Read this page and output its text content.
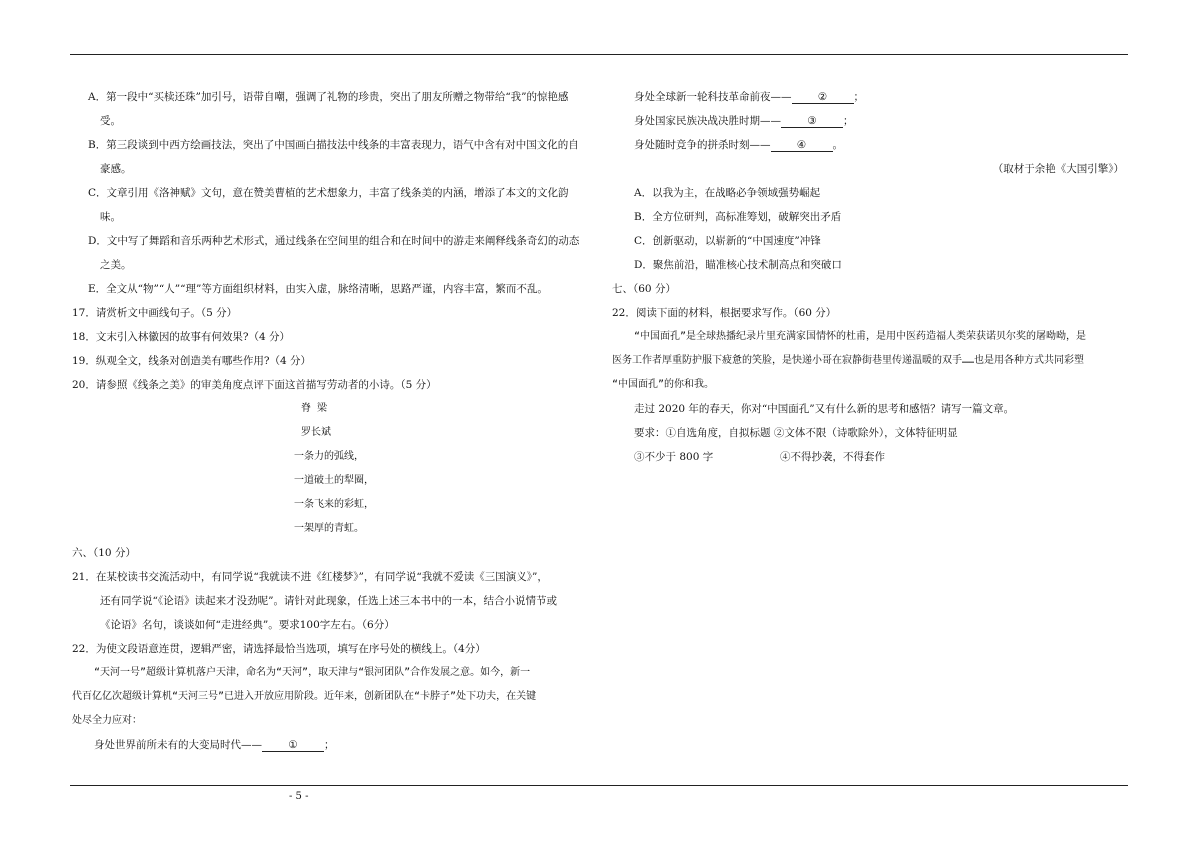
A．第一段中“买椟还珠”加引号，语带自嘲，强调了礼物的珍贵，突出了朋友所赠之物带给“我”的惊艳感
受。
B．第三段谈到中西方绘画技法，突出了中国画白描技法中线条的丰富表现力，语气中含有对中国文化的自
豪感。
C．文章引用《洛神赋》文句，意在赞美曹植的艺术想象力，丰富了线条美的内涵，增添了本文的文化韵
味。
D．文中写了舞蹈和音乐两种艺术形式，通过线条在空间里的组合和在时间中的游走来阐释线条奇幻的动态
之美。
E．全文从“物”“人”“理”等方面组织材料，由实入虚，脉络清晰，思路严谨，内容丰富，繁而不乱。
17．请赏析文中画线句子。（5 分）
18．文末引入林徽因的故事有何效果?（4 分）
19．纵观全文，线条对创造美有哪些作用?（4 分）
20．请参照《线条之美》的审美角度点评下面这首描写劳动者的小诗。（5 分）
脊 梁
罗长斌
一条力的弧线，
一道破土的犁圈，
一条飞来的彩虹，
一架厚的青虹。
六、（10 分）
21．在某校读书交流活动中，有同学说“我就读不进《红楼梦》”，有同学说“我就不爱读《三国演义》”，
还有同学说“《论语》读起来才没劲呢”。请针对此现象，任选上述三本书中的一本，结合小说情节或
《论语》名句，谈谈如何“走进经典”。要求100字左右。（6分）
22．为使文段语意连贯，逻辑严密，请选择最恰当选项，填写在序号处的横线上。（4分）
“天河一号”超级计算机落户天津，命名为“天河”，取天津与“银河团队”合作发展之意。如今，新一
代百亿亿次超级计算机“天河三号”已进入开放应用阶段。近年来，创新团队在“卡脖子”处下功夫，在关键
处尽全力应对：
身处世界前所未有的大变局时代——	①	；
身处全球新一轮科技革命前夜——	②	；
身处国家民族决战决胜时期——	③	；
身处随时竞争的拼杀时刻——	④	。
（取材于余艳《大国引擎》）
A．以我为主，在战略必争领域强势崛起
B．全方位研判，高标准筹划，破解突出矛盾
C．创新驱动，以崭新的“中国速度”冲锋
D．聚焦前沿，瞄准核心技术制高点和突破口
七、（60 分）
22．阅读下面的材料，根据要求写作。（60 分）
“中国面孔”是全球热播纪录片里充满家国情怀的杜甫，是用中医药造福人类荣获诺贝尔奖的屠呦呦，是
医务工作者厚重防护服下疲惫的笑脸，是快递小哥在寂静街巷里传递温暖的双手……也是用各种方式共同彩塑
“中国面孔”的你和我。
走过 2020 年的春天，你对“中国面孔”又有什么新的思考和感悟？请写一篇文章。
要求：①自选角度，自拟标题 ②文体不限（诗歌除外），文体特征明显
③不少于 800 字	④不得抄袭，不得套作
- 5 -
